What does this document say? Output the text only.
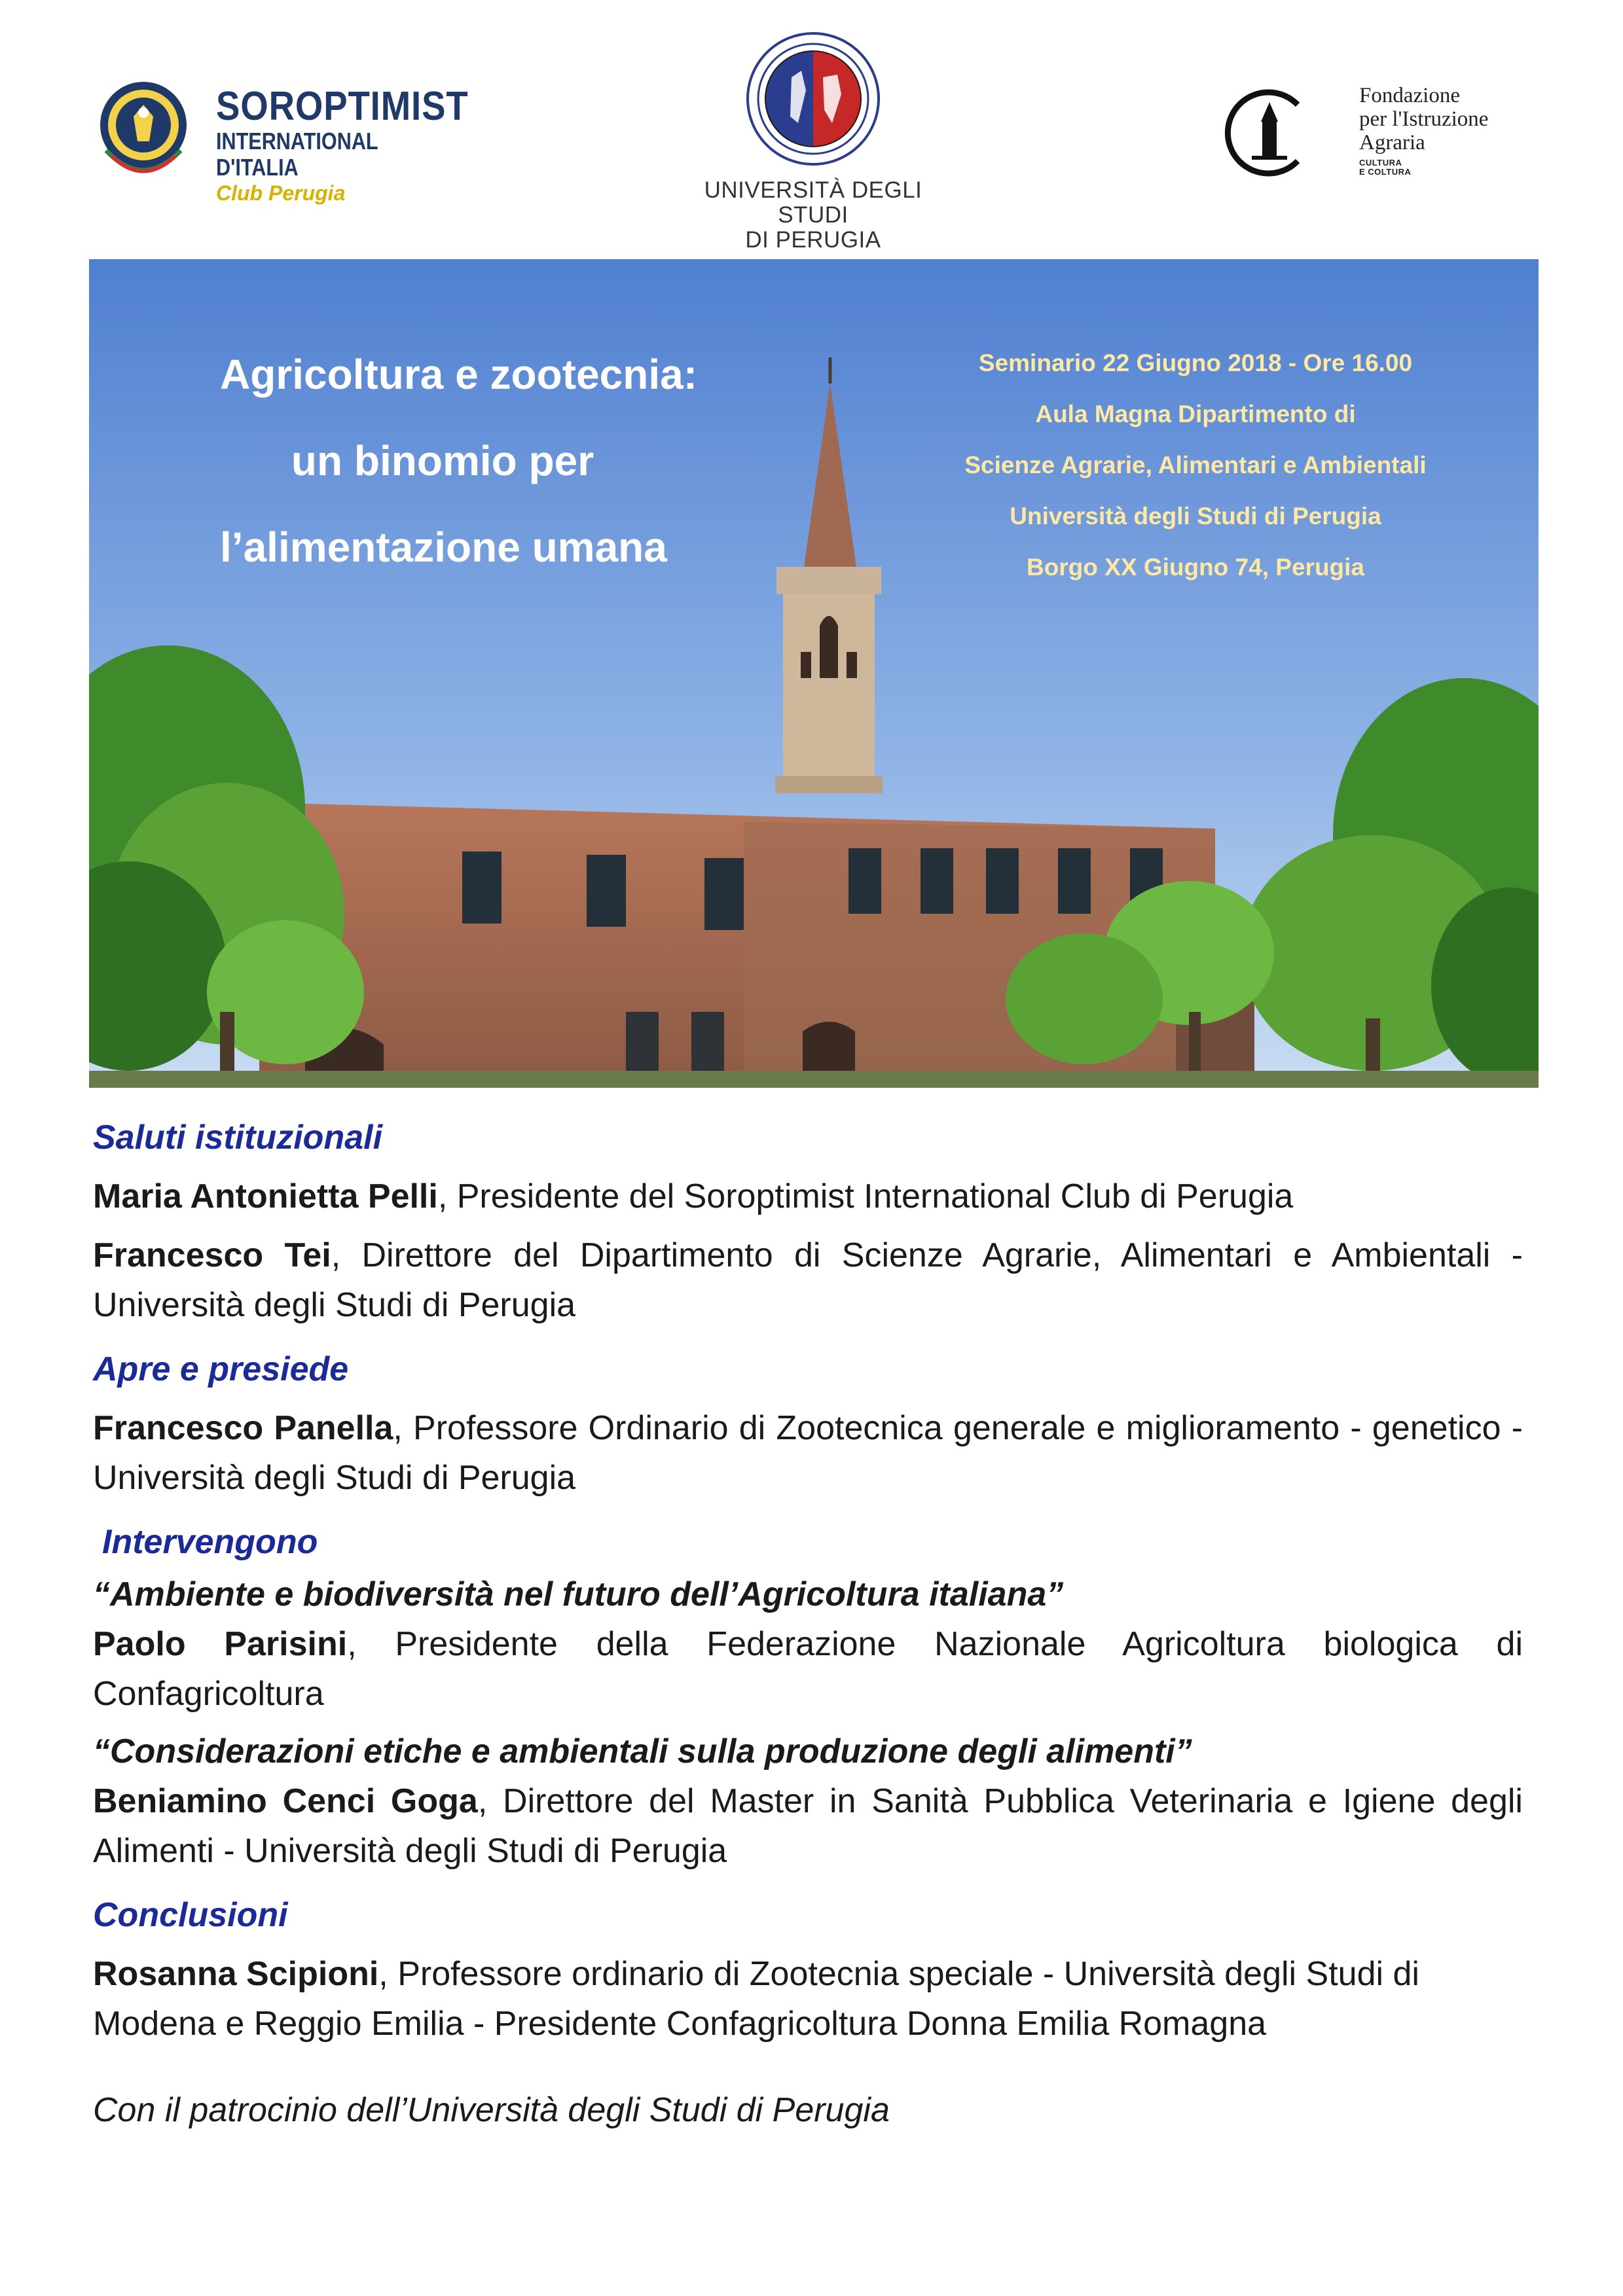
SOROPTIMIST
INTERNATIONAL D'ITALIA
Club Perugia	UNIVERSITÀ DEGLI STUDI
DI PERUGIA
Fondazione
per l'Istruzione
Agraria
CULTURA
E COLTURA
Agricoltura e zootecnia:
un binomio per
l’alimentazione umana
Seminario 22 Giugno 2018 - Ore 16.00
Aula Magna Dipartimento di
Scienze Agrarie, Alimentari e Ambientali
Università degli Studi di Perugia
Borgo XX Giugno 74, Perugia
Saluti istituzionali
Maria Antonietta Pelli, Presidente del Soroptimist International Club di Perugia
Francesco Tei, Direttore del Dipartimento di Scienze Agrarie, Alimentari e Ambientali - Università degli Studi di Perugia
Apre e presiede
Francesco Panella, Professore Ordinario di Zootecnica generale e miglioramento - genetico - Università degli Studi di Perugia
Intervengono
“Ambiente e biodiversità nel futuro dell’Agricoltura italiana”
Paolo Parisini, Presidente della Federazione Nazionale Agricoltura biologica di Confagricoltura
“Considerazioni etiche e ambientali sulla produzione degli alimenti”
Beniamino Cenci Goga, Direttore del Master in Sanità Pubblica Veterinaria e Igiene degli Alimenti - Università degli Studi di Perugia
Conclusioni
Rosanna Scipioni, Professore ordinario di Zootecnia speciale - Università degli Studi di Modena e Reggio Emilia - Presidente Confagricoltura Donna Emilia Romagna
Con il patrocinio dell’Università degli Studi di Perugia
